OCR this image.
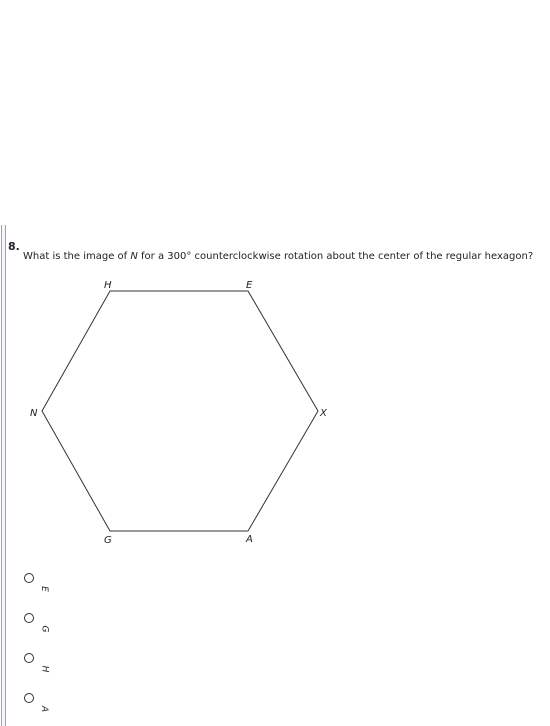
8.
What is the image of N for a 300° counterclockwise rotation about the center of the regular hexagon?
H	E
X
A
G
N
E
G
H
A
